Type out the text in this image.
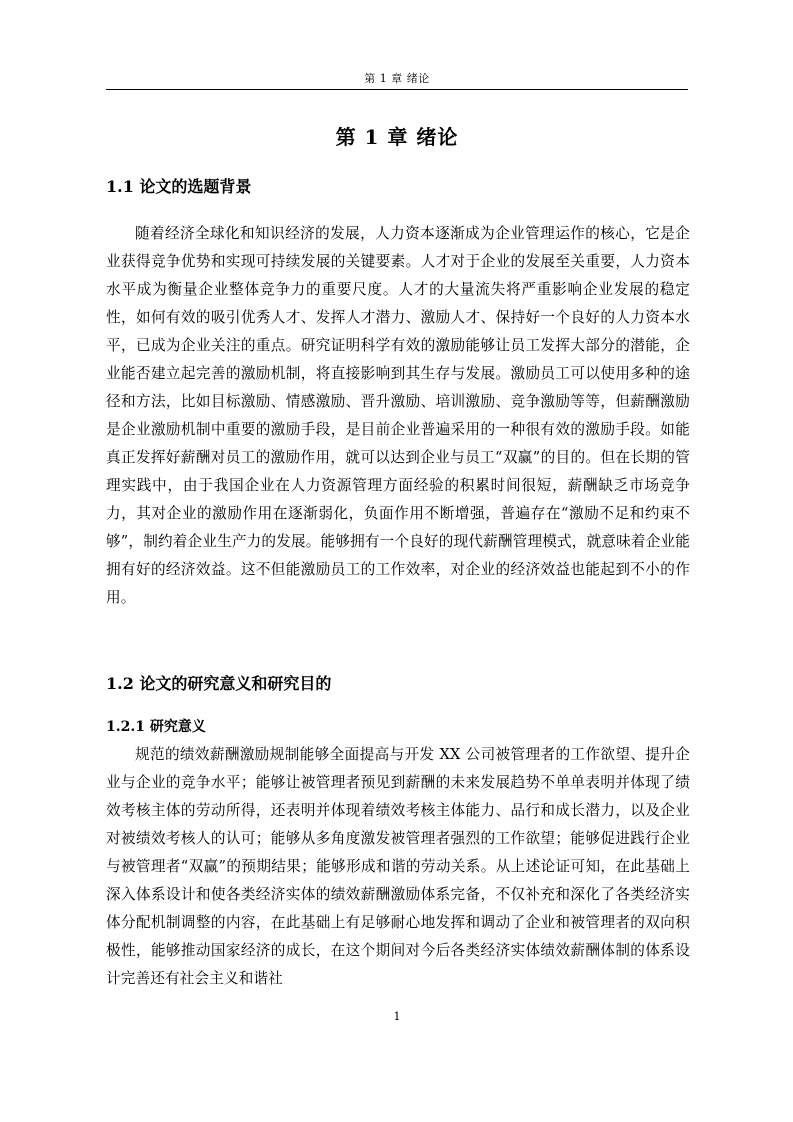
第 1 章 绪论
第 1 章 绪论
1.1 论文的选题背景

随着经济全球化和知识经济的发展，人力资本逐渐成为企业管理运作的核心，它是企业获得竞争优势和实现可持续发展的关键要素。人才对于企业的发展至关重要，人力资本水平成为衡量企业整体竞争力的重要尺度。人才的大量流失将严重影响企业发展的稳定性，如何有效的吸引优秀人才、发挥人才潜力、激励人才、保持好一个良好的人力资本水平，已成为企业关注的重点。研究证明科学有效的激励能够让员工发挥大部分的潜能，企业能否建立起完善的激励机制，将直接影响到其生存与发展。激励员工可以使用多种的途径和方法，比如目标激励、情感激励、晋升激励、培训激励、竞争激励等等，但薪酬激励是企业激励机制中重要的激励手段，是目前企业普遍采用的一种很有效的激励手段。如能真正发挥好薪酬对员工的激励作用，就可以达到企业与员工“双赢”的目的。但在长期的管理实践中，由于我国企业在人力资源管理方面经验的积累时间很短，薪酬缺乏市场竞争力，其对企业的激励作用在逐渐弱化，负面作用不断增强，普遍存在“激励不足和约束不够”，制约着企业生产力的发展。能够拥有一个良好的现代薪酬管理模式，就意味着企业能拥有好的经济效益。这不但能激励员工的工作效率，对企业的经济效益也能起到不小的作用。

1.2 论文的研究意义和研究目的
1.2.1 研究意义

规范的绩效薪酬激励规制能够全面提高与开发 XX 公司被管理者的工作欲望、提升企业与企业的竞争水平；能够让被管理者预见到薪酬的未来发展趋势不单单表明并体现了绩效考核主体的劳动所得，还表明并体现着绩效考核主体能力、品行和成长潜力，以及企业对被绩效考核人的认可；能够从多角度激发被管理者强烈的工作欲望；能够促进践行企业与被管理者“双赢”的预期结果；能够形成和谐的劳动关系。从上述论证可知，在此基础上深入体系设计和使各类经济实体的绩效薪酬激励体系完备，不仅补充和深化了各类经济实体分配机制调整的内容，在此基础上有足够耐心地发挥和调动了企业和被管理者的双向积极性，能够推动国家经济的成长，在这个期间对今后各类经济实体绩效薪酬体制的体系设计完善还有社会主义和谐社

1
